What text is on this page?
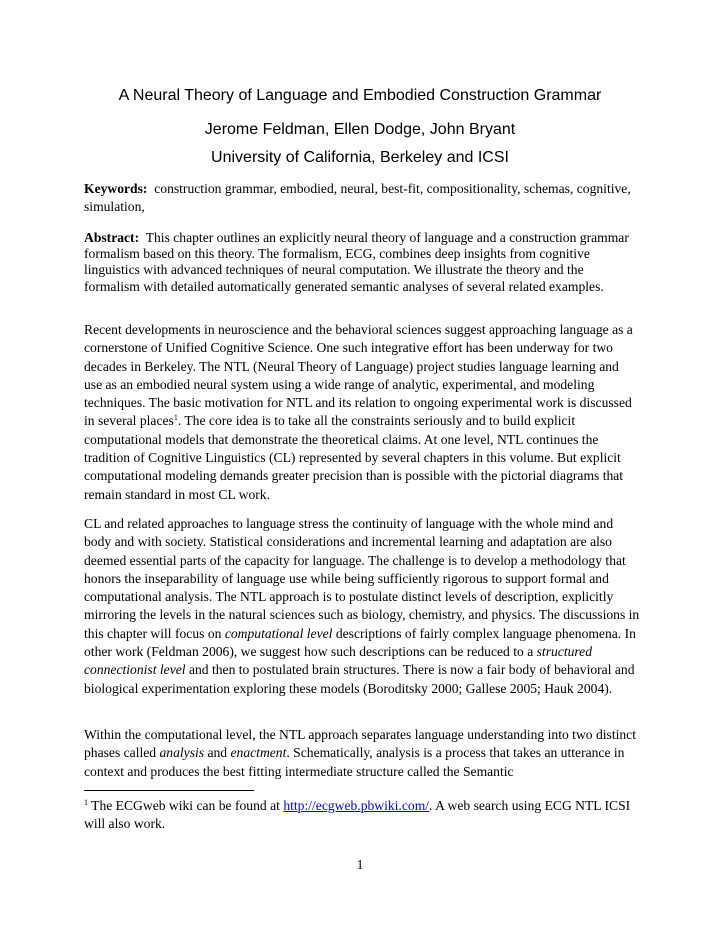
A Neural Theory of Language and Embodied Construction Grammar
Jerome Feldman, Ellen Dodge, John Bryant
University of California, Berkeley and ICSI
Keywords: construction grammar, embodied, neural, best-fit, compositionality, schemas, cognitive, simulation,
Abstract: This chapter outlines an explicitly neural theory of language and a construction grammar formalism based on this theory. The formalism, ECG, combines deep insights from cognitive linguistics with advanced techniques of neural computation. We illustrate the theory and the formalism with detailed automatically generated semantic analyses of several related examples.
Recent developments in neuroscience and the behavioral sciences suggest approaching language as a cornerstone of Unified Cognitive Science. One such integrative effort has been underway for two decades in Berkeley. The NTL (Neural Theory of Language) project studies language learning and use as an embodied neural system using a wide range of analytic, experimental, and modeling techniques. The basic motivation for NTL and its relation to ongoing experimental work is discussed in several places$^1$. The core idea is to take all the constraints seriously and to build explicit computational models that demonstrate the theoretical claims. At one level, NTL continues the tradition of Cognitive Linguistics (CL) represented by several chapters in this volume. But explicit computational modeling demands greater precision than is possible with the pictorial diagrams that remain standard in most CL work.
CL and related approaches to language stress the continuity of language with the whole mind and body and with society. Statistical considerations and incremental learning and adaptation are also deemed essential parts of the capacity for language. The challenge is to develop a methodology that honors the inseparability of language use while being sufficiently rigorous to support formal and computational analysis. The NTL approach is to postulate distinct levels of description, explicitly mirroring the levels in the natural sciences such as biology, chemistry, and physics. The discussions in this chapter will focus on computational level descriptions of fairly complex language phenomena. In other work (Feldman 2006), we suggest how such descriptions can be reduced to a structured connectionist level and then to postulated brain structures. There is now a fair body of behavioral and biological experimentation exploring these models (Boroditsky 2000; Gallese 2005; Hauk 2004).
Within the computational level, the NTL approach separates language understanding into two distinct phases called analysis and enactment. Schematically, analysis is a process that takes an utterance in context and produces the best fitting intermediate structure called the Semantic
$^1$ The ECGweb wiki can be found at http://ecgweb.pbwiki.com/. A web search using ECG NTL ICSI will also work.
1
